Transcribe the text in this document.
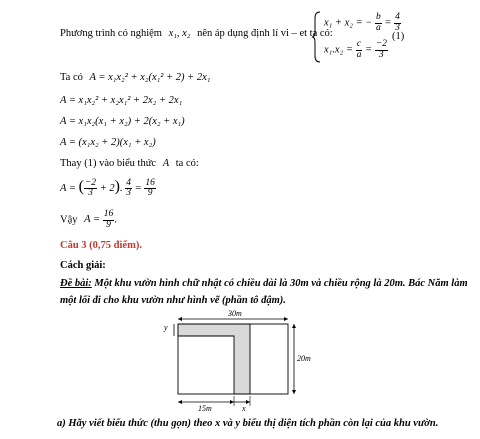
Phương trình có nghiệm x₁, x₂ nên áp dụng định lí vi – et ta có:
x₁ + x₂ = − $\frac{b}{a} = \frac{4}{3}$
$x_1.x_2 = \frac{c}{a} = \frac{-2}{3}$
(1)
Ta có A = x₁x₂² + x₂(x₁² + 2) + 2x₁
A = x₁x₂² + x₂x₁² + 2x₂ + 2x₁
A = x₁x₂(x₁ + x₂) + 2(x₂ + x₁)
A = (x₁x₂ + 2)(x₁ + x₂)
Thay (1) vào biểu thức A ta có:
A = ( $\frac{-2}{3} + 2$). $\frac{4}{3} = \frac{16}{9}$
Vậy $A = \frac{16}{9}$ .
Câu 3 (0,75 điểm).
Cách giải:
Đề bài: Một khu vườn hình chữ nhật có chiều dài là 30m và chiều rộng là 20m. Bác Năm làm
một lối đi cho khu vườn như hình vẽ (phần tô đậm).
30m
20m
y
15m	x
a) Hãy viết biểu thức (thu gọn) theo x và y biểu thị diện tích phần còn lại của khu vườn.
